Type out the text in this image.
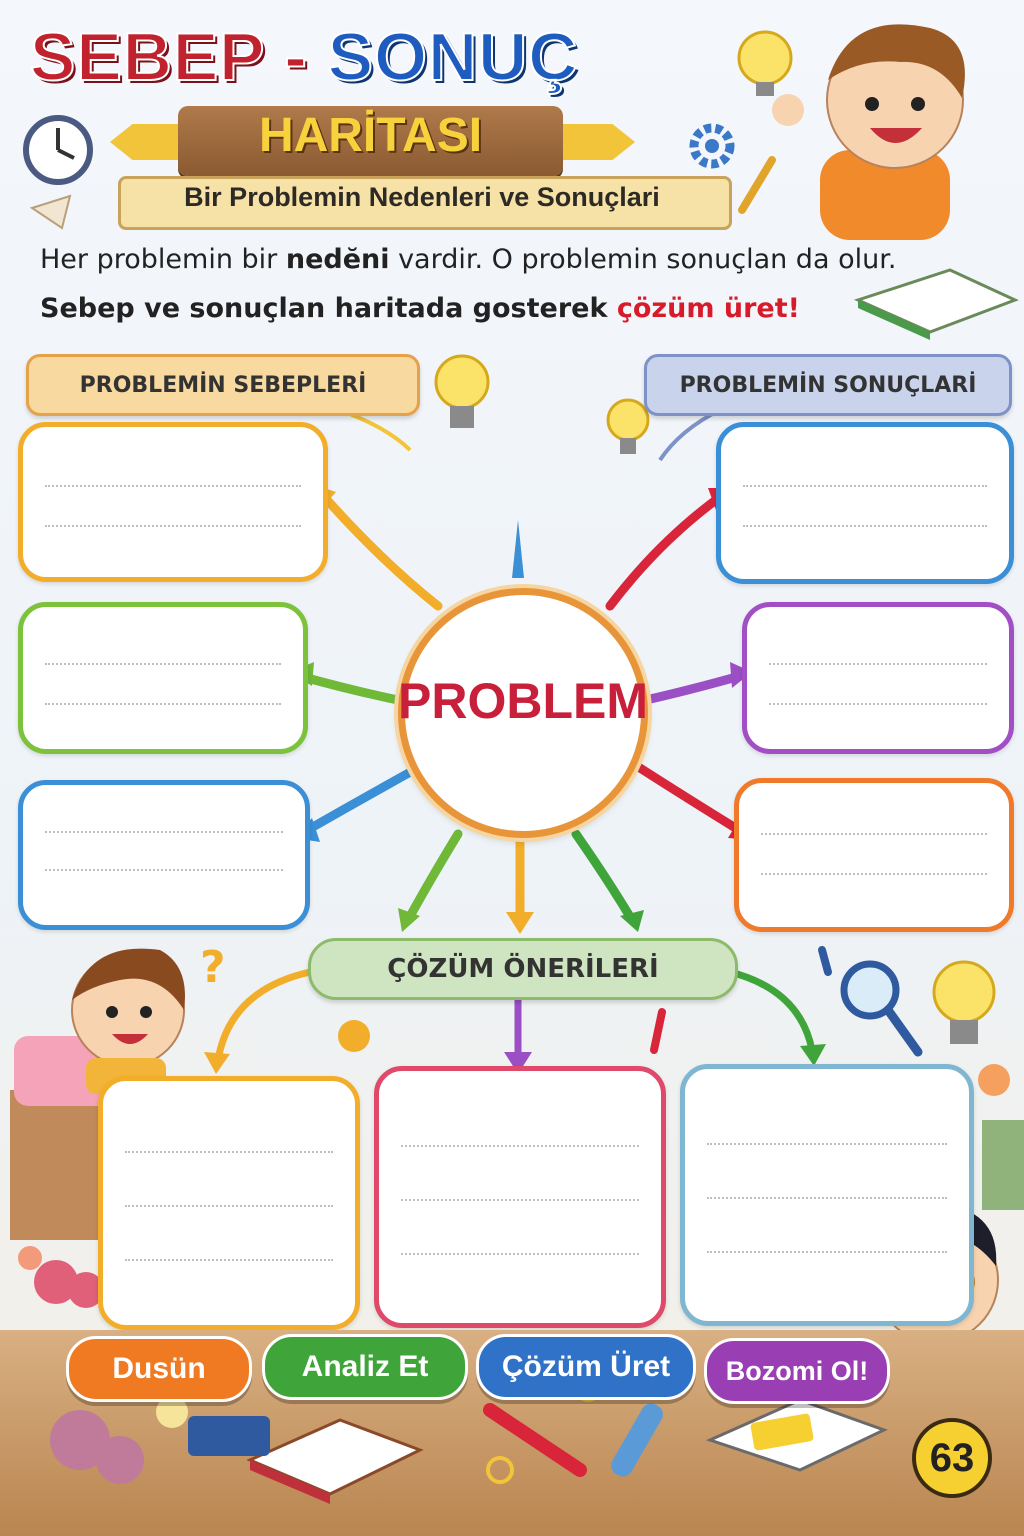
?
SEBEP - SONUÇ
HARİTASI
Bir Problemin Nedenleri ve Sonuçlari
Her problemin bir nedĕni vardir. O problemin sonuçlan da olur.
Sebep ve sonuçlan haritada gosterek çözüm üret!
PROBLEMİN SEBEPLERİ	PROBLEMİN SONUÇLARİ
PROBLEM
ÇÖZÜM ÖNERİLERİ
Dusün	Analiz Et	Çözüm Üret	Bozomi Ol!
63
